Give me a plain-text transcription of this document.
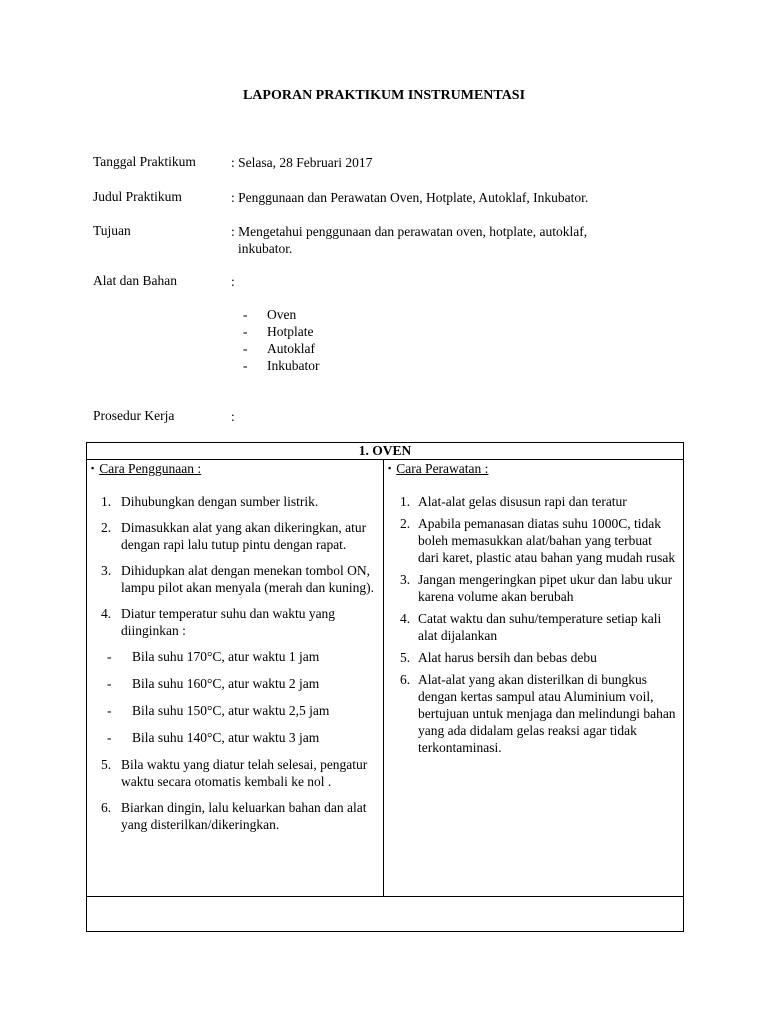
LAPORAN PRAKTIKUM INSTRUMENTASI
Tanggal Praktikum	: Selasa, 28 Februari 2017
Judul Praktikum	: Penggunaan dan Perawatan Oven, Hotplate, Autoklaf, Inkubator.
Tujuan	: Mengetahui penggunaan dan perawatan oven, hotplate, autoklaf,
inkubator.
Alat dan Bahan	:
- Oven
- Hotplate
- Autoklaf
- Inkubator
Prosedur Kerja	:
1. OVEN

▪ Cara Penggunaan :
1. Dihubungkan dengan sumber listrik.
2. Dimasukkan alat yang akan dikeringkan, atur dengan rapi lalu tutup pintu dengan rapat.
3. Dihidupkan alat dengan menekan tombol ON, lampu pilot akan menyala (merah dan kuning).
4. Diatur temperatur suhu dan waktu yang diinginkan :
- Bila suhu 170°C, atur waktu 1 jam
- Bila suhu 160°C, atur waktu 2 jam
- Bila suhu 150°C, atur waktu 2,5 jam
- Bila suhu 140°C, atur waktu 3 jam
5. Bila waktu yang diatur telah selesai, pengatur waktu secara otomatis kembali ke nol .
6. Biarkan dingin, lalu keluarkan bahan dan alat yang disterilkan/dikeringkan.

▪ Cara Perawatan :
1. Alat-alat gelas disusun rapi dan teratur
2. Apabila pemanasan diatas suhu 1000C, tidak boleh memasukkan alat/bahan yang terbuat dari karet, plastic atau bahan yang mudah rusak
3. Jangan mengeringkan pipet ukur dan labu ukur karena volume akan berubah
4. Catat waktu dan suhu/temperature setiap kali alat dijalankan
5. Alat harus bersih dan bebas debu
6. Alat-alat yang akan disterilkan di bungkus dengan kertas sampul atau Aluminium voil, bertujuan untuk menjaga dan melindungi bahan yang ada didalam gelas reaksi agar tidak terkontaminasi.
